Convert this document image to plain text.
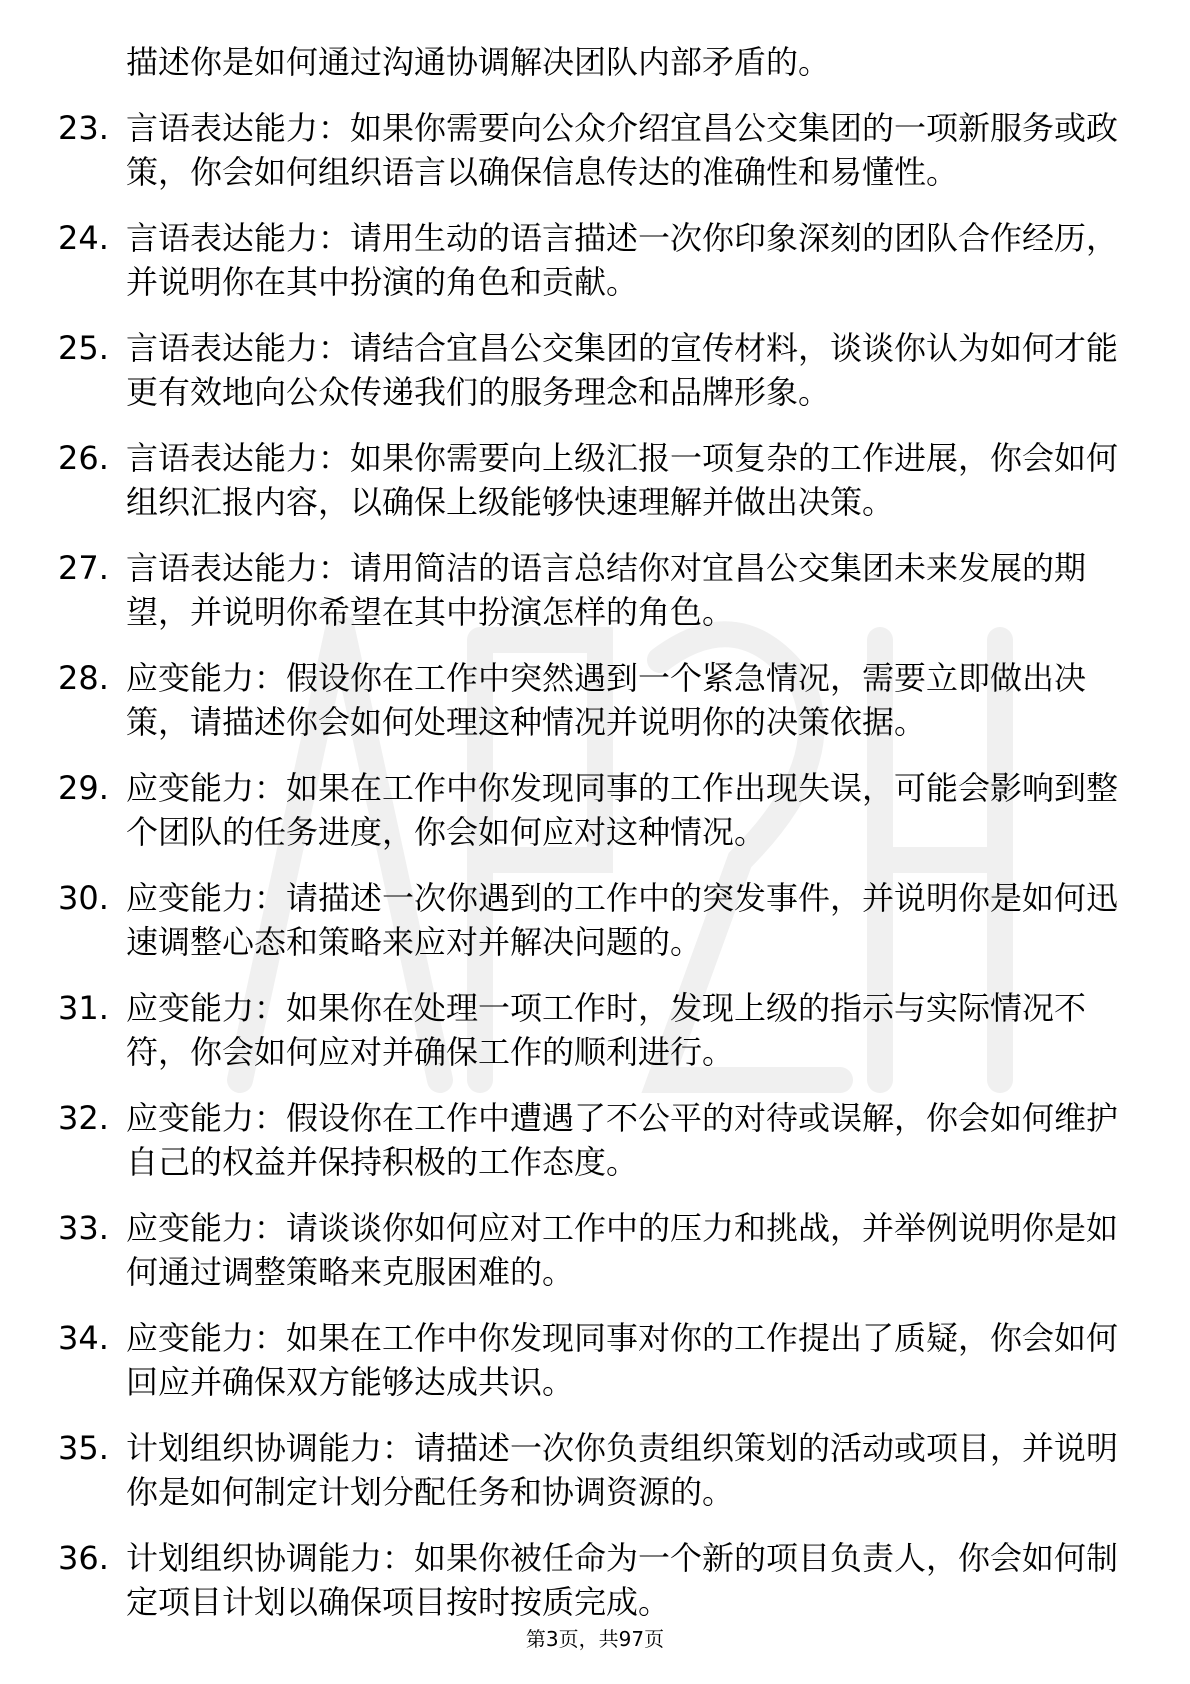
描述你是如何通过沟通协调解决团队内部矛盾的。
23. 言语表达能力：如果你需要向公众介绍宜昌公交集团的一项新服务或政策，你会如何组织语言以确保信息传达的准确性和易懂性。
24. 言语表达能力：请用生动的语言描述一次你印象深刻的团队合作经历，并说明你在其中扮演的角色和贡献。
25. 言语表达能力：请结合宜昌公交集团的宣传材料，谈谈你认为如何才能更有效地向公众传递我们的服务理念和品牌形象。
26. 言语表达能力：如果你需要向上级汇报一项复杂的工作进展，你会如何组织汇报内容，以确保上级能够快速理解并做出决策。
27. 言语表达能力：请用简洁的语言总结你对宜昌公交集团未来发展的期望，并说明你希望在其中扮演怎样的角色。
28. 应变能力：假设你在工作中突然遇到一个紧急情况，需要立即做出决策，请描述你会如何处理这种情况并说明你的决策依据。
29. 应变能力：如果在工作中你发现同事的工作出现失误，可能会影响到整个团队的任务进度，你会如何应对这种情况。
30. 应变能力：请描述一次你遇到的工作中的突发事件，并说明你是如何迅速调整心态和策略来应对并解决问题的。
31. 应变能力：如果你在处理一项工作时，发现上级的指示与实际情况不符，你会如何应对并确保工作的顺利进行。
32. 应变能力：假设你在工作中遭遇了不公平的对待或误解，你会如何维护自己的权益并保持积极的工作态度。
33. 应变能力：请谈谈你如何应对工作中的压力和挑战，并举例说明你是如何通过调整策略来克服困难的。
34. 应变能力：如果在工作中你发现同事对你的工作提出了质疑，你会如何回应并确保双方能够达成共识。
35. 计划组织协调能力：请描述一次你负责组织策划的活动或项目，并说明你是如何制定计划分配任务和协调资源的。
36. 计划组织协调能力：如果你被任命为一个新的项目负责人，你会如何制定项目计划以确保项目按时按质完成。
第3页，共97页
